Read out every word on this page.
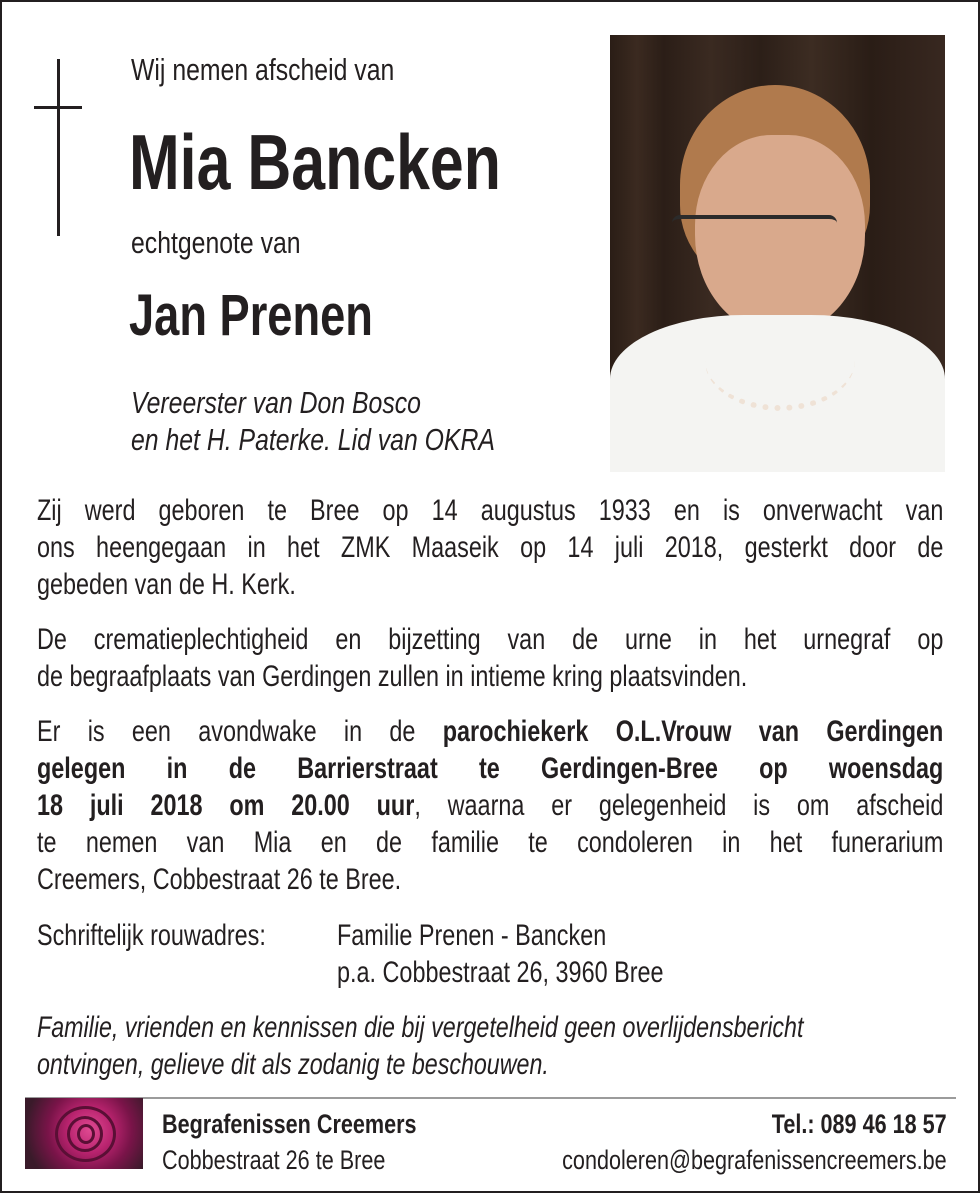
Wij nemen afscheid van
Mia Bancken
echtgenote van
Jan Prenen
Vereerster van Don Bosco
en het H. Paterke. Lid van OKRA
Zij werd geboren te Bree op 14 augustus 1933 en is onverwacht van
ons heengegaan in het ZMK Maaseik op 14 juli 2018, gesterkt door de
gebeden van de H. Kerk.
De crematieplechtigheid en bijzetting van de urne in het urnegraf op
de begraafplaats van Gerdingen zullen in intieme kring plaatsvinden.
Er is een avondwake in de parochiekerk O.L.Vrouw van Gerdingen
gelegen in de Barrierstraat te Gerdingen-Bree op woensdag
18 juli 2018 om 20.00 uur, waarna er gelegenheid is om afscheid
te nemen van Mia en de familie te condoleren in het funerarium
Creemers, Cobbestraat 26 te Bree.
Schriftelijk rouwadres:	Familie Prenen - Bancken
p.a. Cobbestraat 26, 3960 Bree
Familie, vrienden en kennissen die bij vergetelheid geen overlijdensbericht
ontvingen, gelieve dit als zodanig te beschouwen.
Begrafenissen Creemers
Cobbestraat 26 te Bree
Tel.: 089 46 18 57
condoleren@begrafenissencreemers.be
